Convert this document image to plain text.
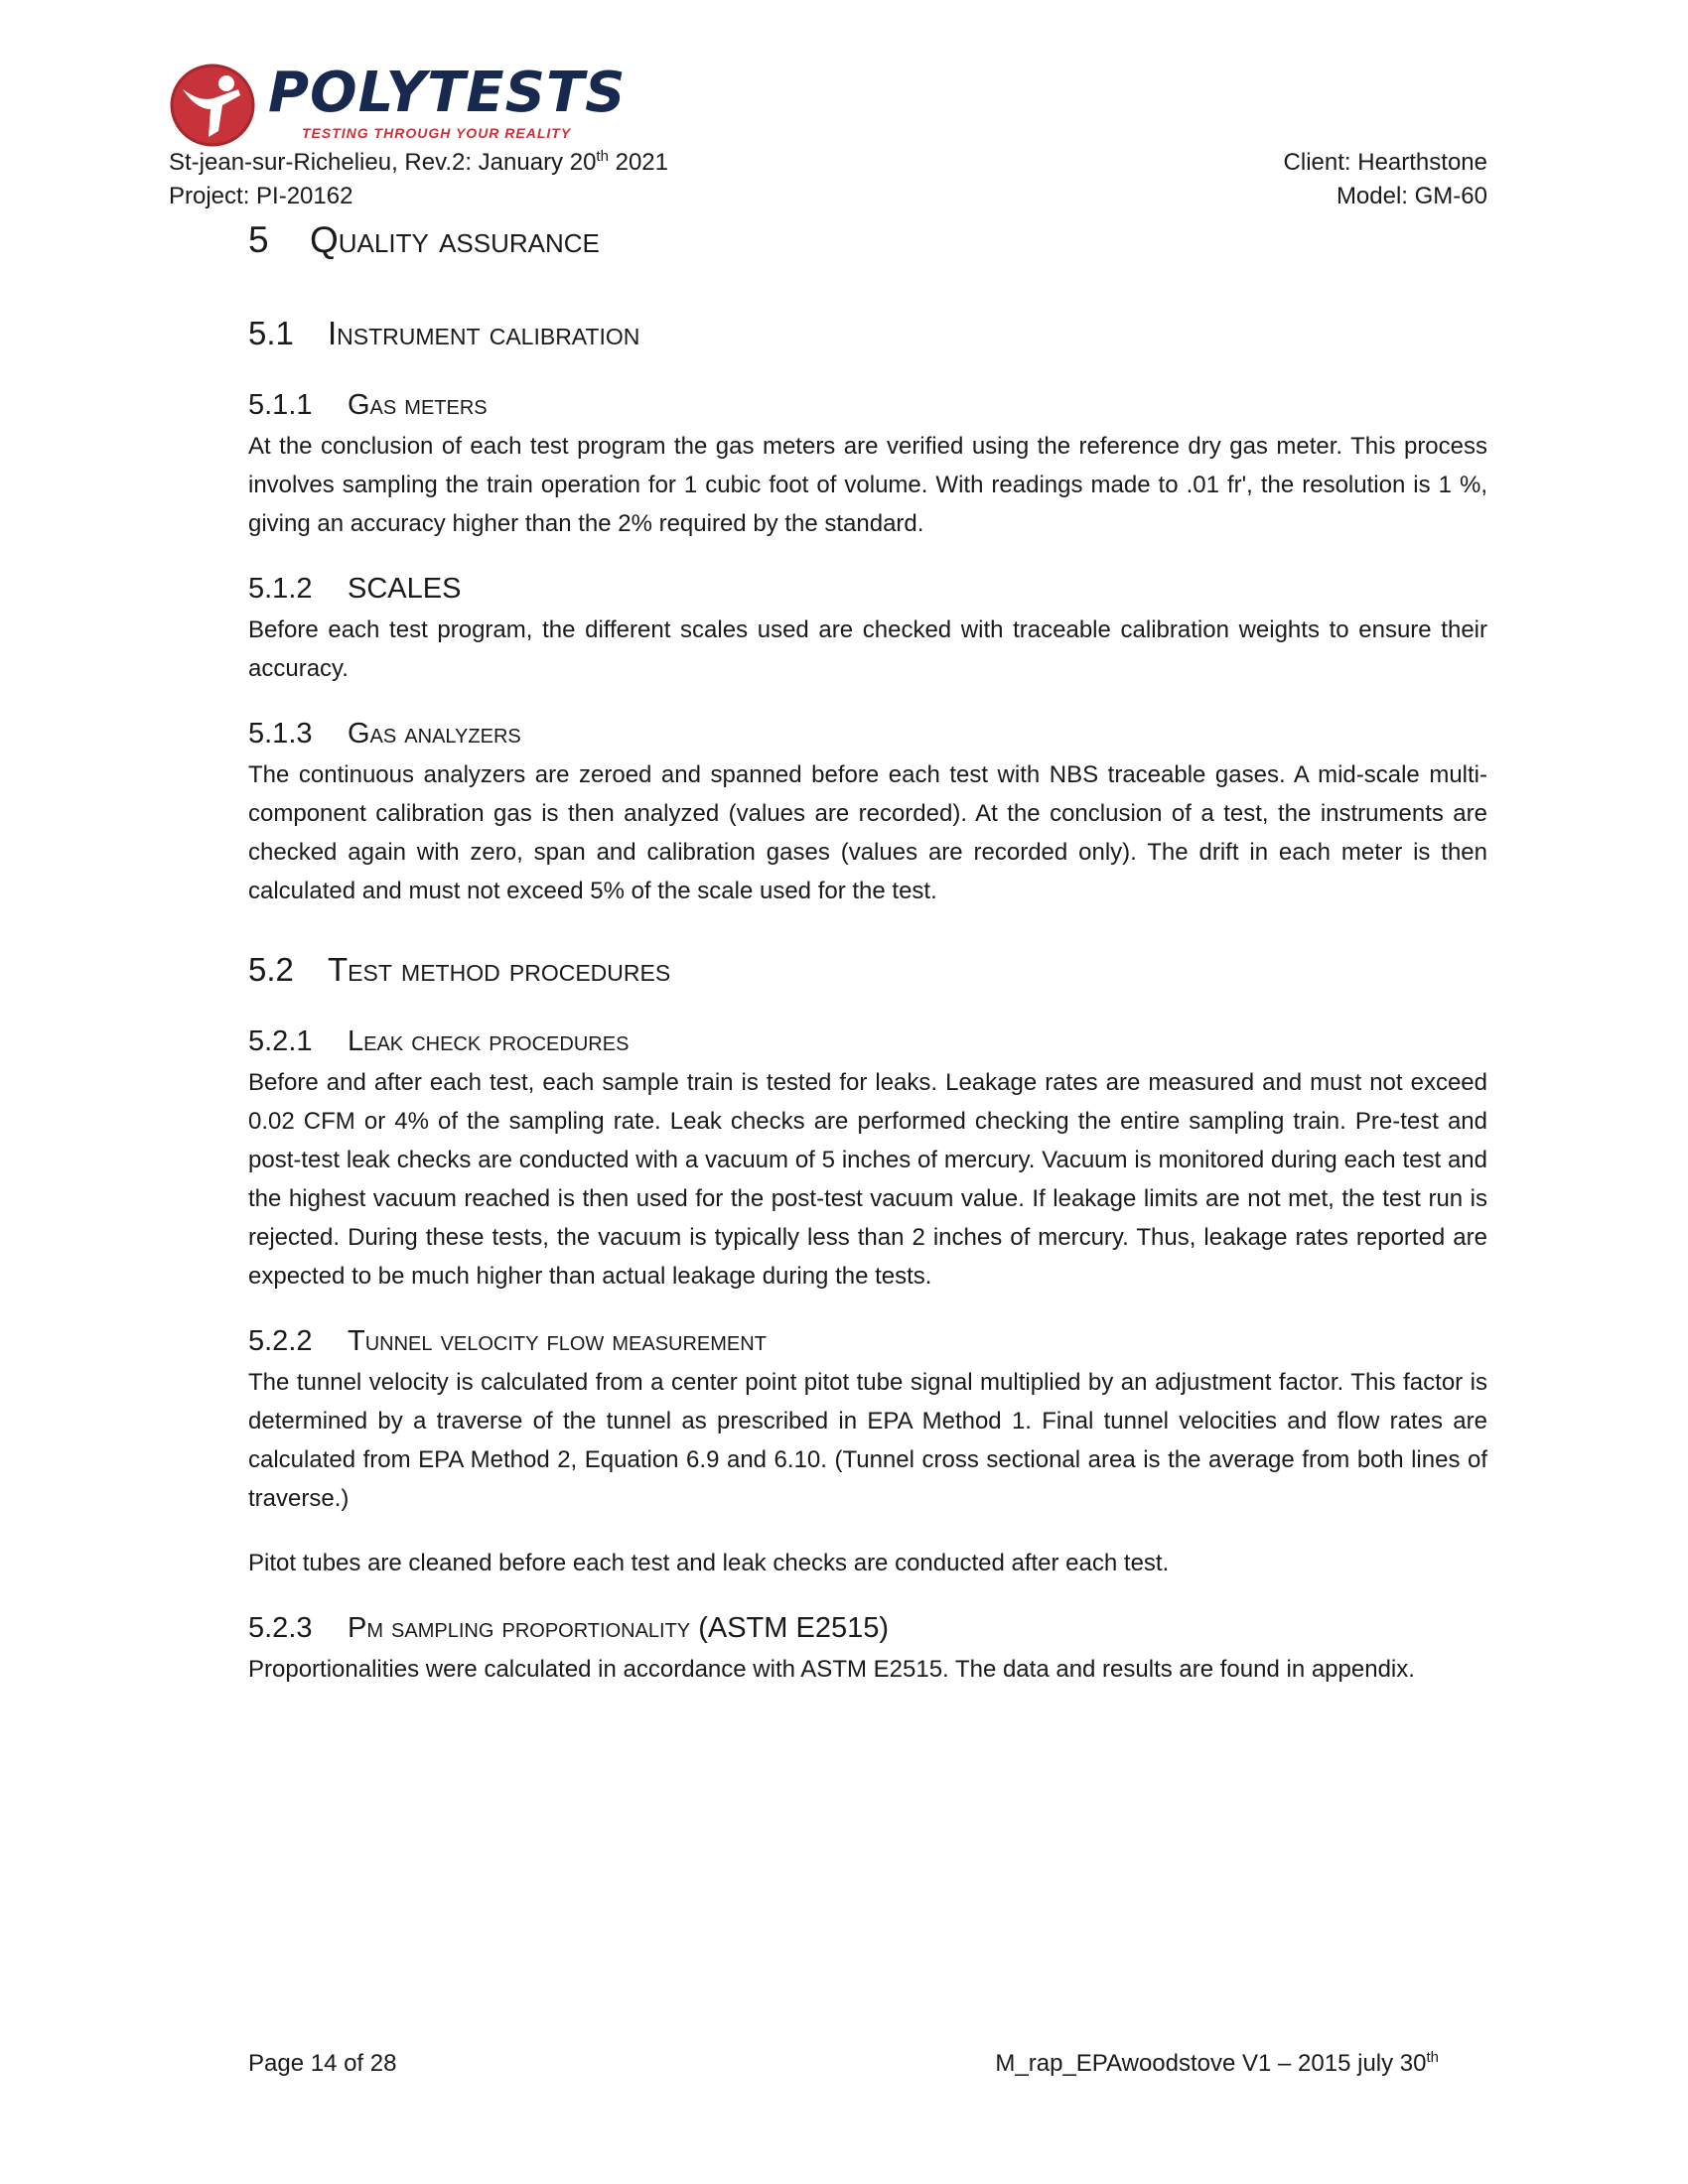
POLYTESTS
TESTING THROUGH YOUR REALITY
St-jean-sur-Richelieu, Rev.2: January 20th 2021
Project: PI-20162
Client: Hearthstone
Model: GM-60
5 Quality assurance
5.1 Instrument calibration
5.1.1 Gas meters

At the conclusion of each test program the gas meters are verified using the reference dry gas meter. This process involves sampling the train operation for 1 cubic foot of volume. With readings made to .01 fr', the resolution is 1 %, giving an accuracy higher than the 2% required by the standard.

5.1.2 SCALES

Before each test program, the different scales used are checked with traceable calibration weights to ensure their accuracy.

5.1.3 Gas analyzers

The continuous analyzers are zeroed and spanned before each test with NBS traceable gases. A mid-scale multi-component calibration gas is then analyzed (values are recorded). At the conclusion of a test, the instruments are checked again with zero, span and calibration gases (values are recorded only). The drift in each meter is then calculated and must not exceed 5% of the scale used for the test.

5.2 Test method procedures
5.2.1 Leak check procedures

Before and after each test, each sample train is tested for leaks. Leakage rates are measured and must not exceed 0.02 CFM or 4% of the sampling rate. Leak checks are performed checking the entire sampling train. Pre-test and post-test leak checks are conducted with a vacuum of 5 inches of mercury. Vacuum is monitored during each test and the highest vacuum reached is then used for the post-test vacuum value. If leakage limits are not met, the test run is rejected. During these tests, the vacuum is typically less than 2 inches of mercury. Thus, leakage rates reported are expected to be much higher than actual leakage during the tests.

5.2.2 Tunnel velocity flow measurement

The tunnel velocity is calculated from a center point pitot tube signal multiplied by an adjustment factor. This factor is determined by a traverse of the tunnel as prescribed in EPA Method 1. Final tunnel velocities and flow rates are calculated from EPA Method 2, Equation 6.9 and 6.10. (Tunnel cross sectional area is the average from both lines of traverse.)

Pitot tubes are cleaned before each test and leak checks are conducted after each test.

5.2.3 Pm sampling proportionality (ASTM E2515)

Proportionalities were calculated in accordance with ASTM E2515. The data and results are found in appendix.

Page 14 of 28	M_rap_EPAwoodstove V1 – 2015 july 30th
